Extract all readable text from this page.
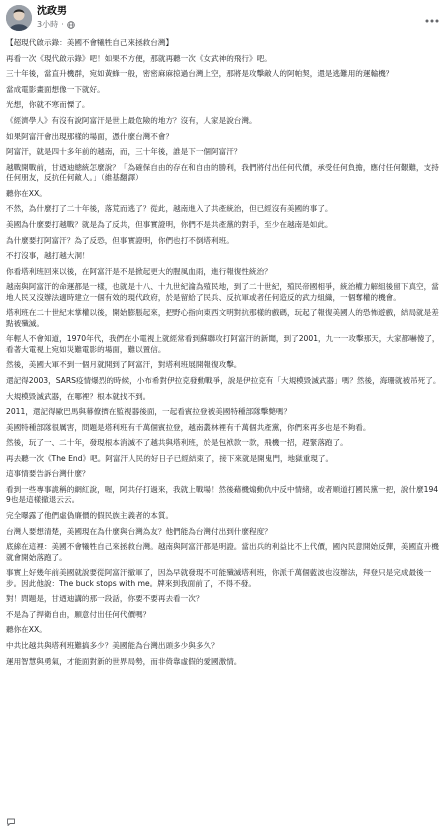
沈政男
3小時 ·

【超現代啟示錄：美國不會犧牲自己來拯救台灣】

再看一次《現代啟示錄》吧！如果不方便，那就再聽一次《女武神的飛行》吧。

三十年後，當直升機群，宛如黃蜂一般，密密麻麻掠過台灣上空，那將是攻擊敵人的阿帕契，還是逃難用的運輸機？

當成電影畫面想像一下就好。

光想，你就不寒而慄了。

《經濟學人》有沒有說阿富汗是世上最危險的地方？沒有，人家是說台灣。

如果阿富汗會出現那樣的場面，憑什麼台灣不會？

阿富汗，就是四十多年前的越南，而，三十年後，誰是下一個阿富汗？

越戰開戰前，甘迺迪總統怎麼說？「為確保自由的存在和自由的勝利，我們將付出任何代價，承受任何負擔，應付任何艱難，支持任何朋友，反抗任何敵人。」（維基翻譯）

聽你在XX。

不然，為什麼打了二十年後，落荒而逃了？從此，越南進入了共產統治，但已經沒有美國的事了。

美國為什麼要打越戰？就是為了反共，但事實證明，你們不是共產黨的對手，至少在越南是如此。

為什麼要打阿富汗？為了反恐，但事實證明，你們也打不倒塔利班。

不打沒事，越打越大洞！

你看塔利班回來以後，在阿富汗是不是掀起更大的腥風血雨，進行報復性統治？

越南與阿富汗的命運都是一樣，也就是十八、十九世紀淪為殖民地，到了二十世紀，殖民帝國相爭，統治權力解組後留下真空，當地人民又沒辦法適時建立一個有效的現代政府，於是留給了民兵、反抗軍或者任何造反的武力組織，一個奪權的機會。

塔利班在二十世紀末掌權以後，開始膨脹起來，把野心指向東西文明對抗那樣的戲碼，玩起了報復美國人的恐怖遊戲，結局就是差點被殲滅。

年輕人不會知道，1970年代，我們在小電視上就經常看到蘇聯攻打阿富汗的新聞，到了2001，九一一攻擊那天，大家都嚇傻了，看著大電視上宛如災難電影的場面，難以置信。

然後，美國大軍不到一個月就開到了阿富汗，對塔利班展開報復攻擊。

還記得2003，SARS疫情爆烈的時候，小布希對伊拉克發動戰爭，說是伊拉克有「大規模毀滅武器」嗎？然後，海珊就被吊死了。

大規模毀滅武器，在哪裡？根本就找不到。

2011，還記得歐巴馬與幕僚擠在監視器後面，一起看賓拉登被美國特種部隊擊斃嗎？

美國特種部隊很厲害，問題是塔利班有千萬個賓拉登，越南叢林裡有千萬個共產黨，你們來再多也是不夠看。

然後，玩了一、二十年，發現根本消滅不了越共與塔利班，於是包袱款一款，飛機一招，趕緊落跑了。

再去聽一次《The End》吧。阿富汗人民的好日子已經結束了，接下來就是開鬼門，地獄重現了。

這事情要告訴台灣什麼？

看到一些專事詭稱的網紅說，喔，阿共仔打過來，我就上戰場！然後藉機煽動仇中反中情緒，或者順道打國民黨一把，說什麼1949也是這樣撤退云云。

完全曝露了他們虛偽廉價的假民族主義者的本質。

台灣人要想清楚，美國現在為什麼與台灣為友？他們能為台灣付出到什麼程度？

底線在這裡：美國不會犧牲自己來拯救台灣。越南與阿富汗都是明證。當出兵的利益比不上代價，國內民意開始反彈，美國直升機就會開始落跑了。

事實上好幾年前美國就說要從阿富汗撤軍了，因為早就發現不可能殲滅塔利班，你派千萬個藍波也沒辦法，拜登只是完成最後一步。因此他說：The buck stops with me。牌來到我面前了，不得不發。

對！問題是，甘迺迪講的那一段話，你要不要再去看一次？

不是為了捍衛自由，願意付出任何代價嗎？

聽你在XX。

中共比越共與塔利班難搞多少？美國能為台灣出頭多少與多久？

運用智慧與勇氣，才能面對新的世界局勢，而非倚靠虛假的愛國激情。
